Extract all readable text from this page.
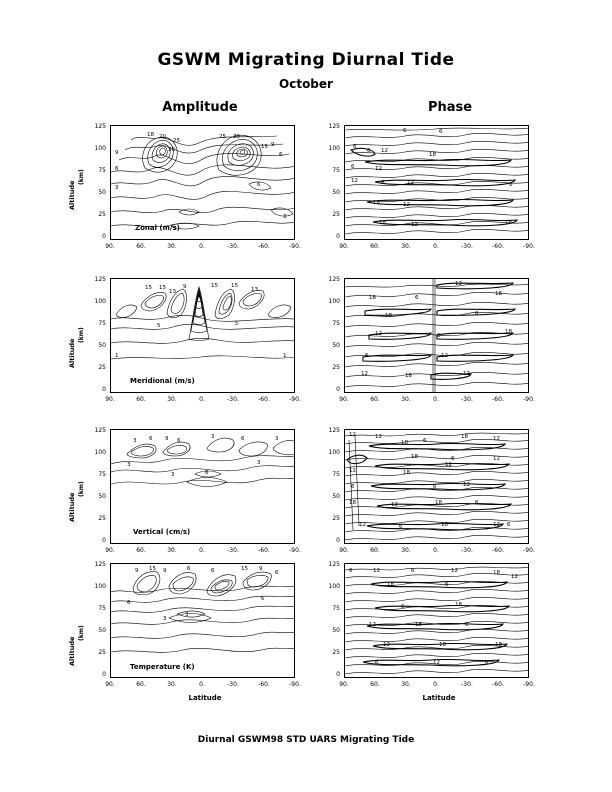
GSWM Migrating Diurnal Tide
October
Amplitude	Phase
Altitude
(km)
125
100
75
50
25
0
18 20
30
25
25 30
9
6
3
15 9
6
6
3
Zonal (m/s)
90.	60.	30.	0.	-30.	-60.	-90.
125
100
75
50
25
0
6	6
6
6 12
18
6	12
12	6	12
18	12
18	12	18
6
90.	60.	30.	0.	-30.	-60.	-90.
Altitude
(km)
125
100
75
50
25
0
15 15
13
9	15 15
13
5	5
1	1
Meridional (m/s)
90.	60.	30.	0.	-30.	-60.	-90.
125
100
75
50
25
0
12
18	6
18
18	6
12	6
18
6	12
12	18	12
90.	60.	30.	0.	-30.	-60.	-90.
Altitude
(km)
125
100
75
50
25
0
3 6 9 6
3	6	3
3
3	6
3
Vertical (cm/s)
90.	60.	30.	0.	-30.	-60.	-90.
125
100
75
50
25
0
12	12
18	6
18	12
18	6	12
12	18
12
6	6	12
18	12	18	6
12	6	18	12 6
90.	60.	30.	0.	-30.	-60.	-90.
Altitude
(km)
125
100
75
50
25
0
9 15 9	6	6	15 9
6
6
3
3
6
Temperature (K)
90.	60.	30.	0.	-30.	-60.	-90.
Latitude
125
100
75
50
25
0
6	12	6	12	18
12
18	6
6	18
12	18	6
12	18	18
6	12	6
90.	60.	30.	0.	-30.	-60.	-90.
Latitude
Diurnal GSWM98 STD UARS Migrating Tide
